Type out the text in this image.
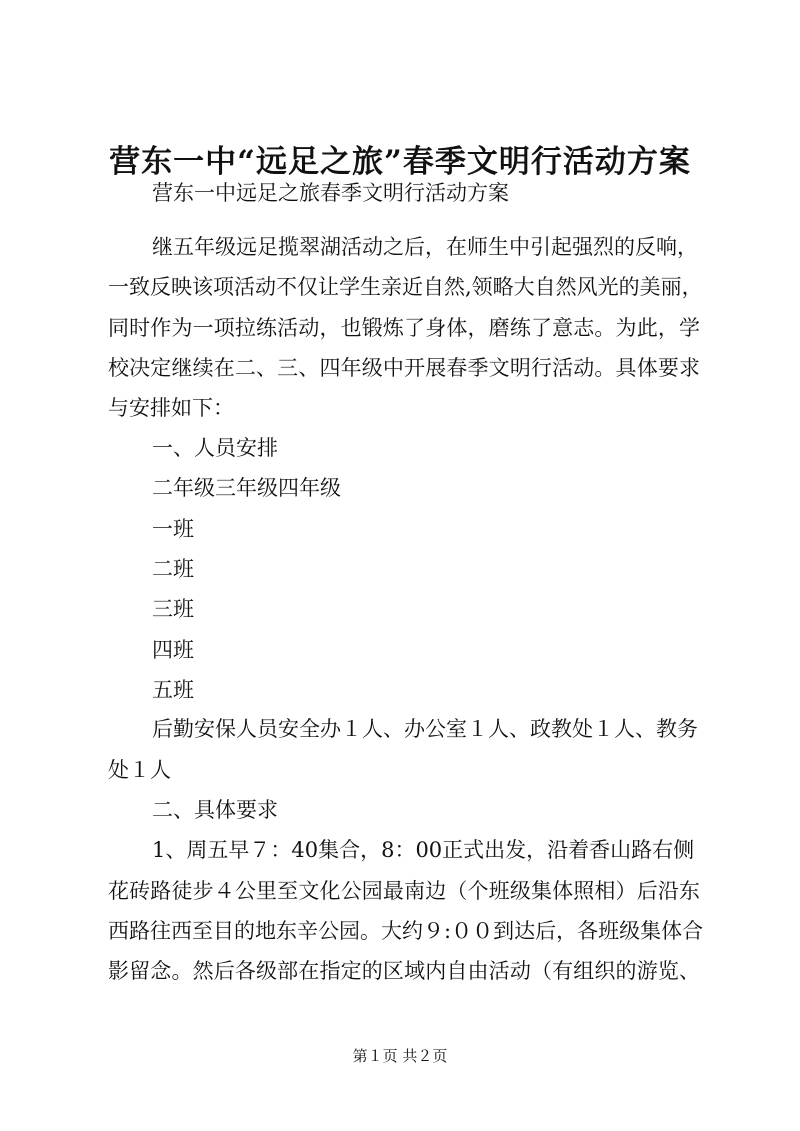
营东一中“远足之旅”春季文明行活动方案
营东一中远足之旅春季文明行活动方案
继五年级远足揽翠湖活动之后，在师生中引起强烈的反响，
一致反映该项活动不仅让学生亲近自然,领略大自然风光的美丽，
同时作为一项拉练活动，也锻炼了身体，磨练了意志。为此，学
校决定继续在二、三、四年级中开展春季文明行活动。具体要求
与安排如下：
一、人员安排
二年级三年级四年级
一班
二班
三班
四班
五班
后勤安保人员安全办１人、办公室１人、政教处１人、教务
处１人
二、具体要求
1、周五早７：40集合，8：00正式出发，沿着香山路右侧
花砖路徒步４公里至文化公园最南边（个班级集体照相）后沿东
西路往西至目的地东辛公园。大约９:００到达后，各班级集体合
影留念。然后各级部在指定的区域内自由活动（有组织的游览、
第１页 共２页
